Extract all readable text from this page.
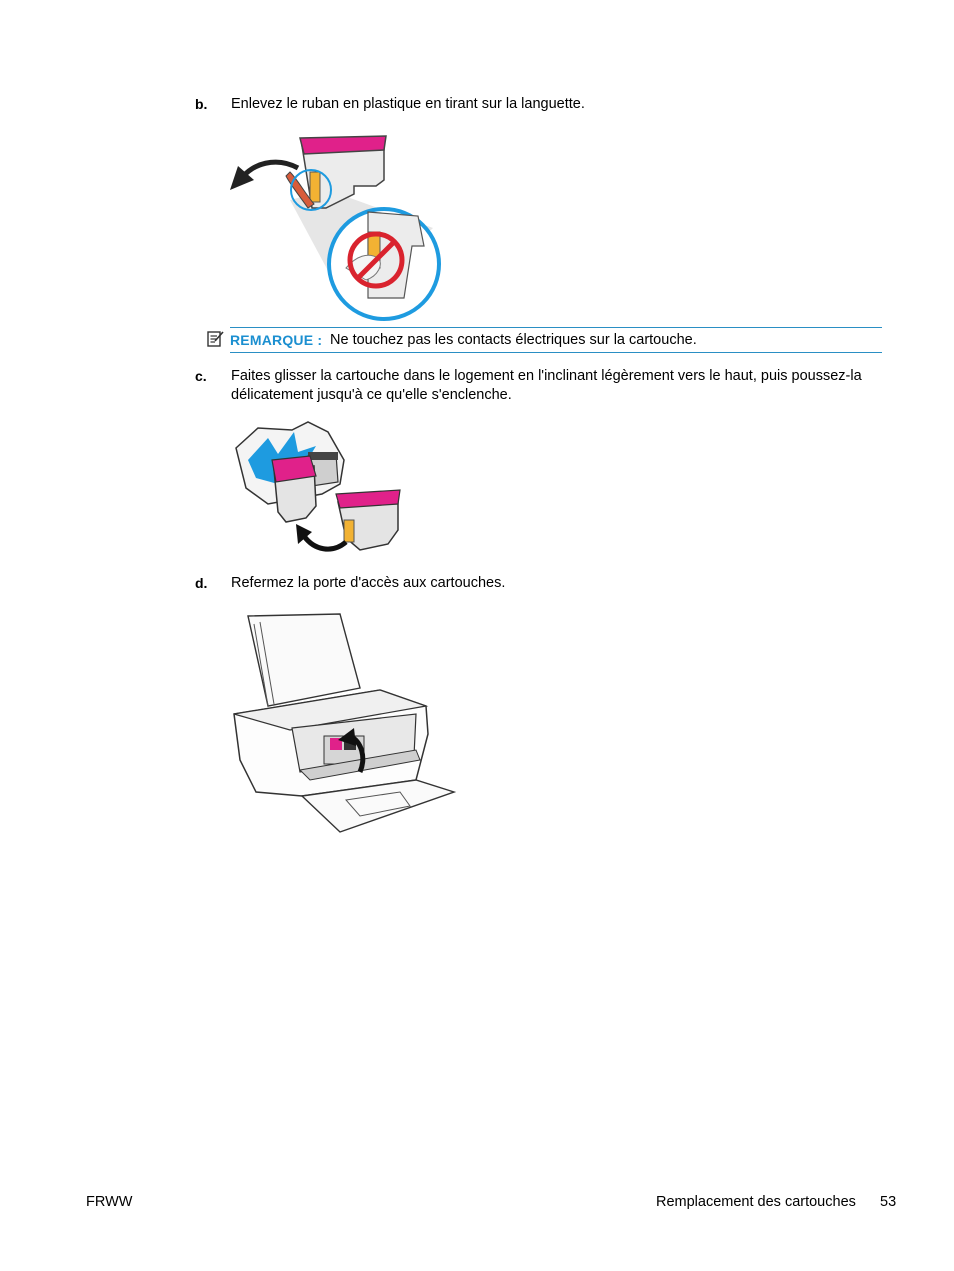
b. Enlevez le ruban en plastique en tirant sur la languette.
REMARQUE : Ne touchez pas les contacts électriques sur la cartouche.
c. Faites glisser la cartouche dans le logement en l'inclinant légèrement vers le haut, puis poussez-la
délicatement jusqu'à ce qu'elle s'enclenche.
d. Refermez la porte d'accès aux cartouches.
FRWW	Remplacement des cartouches 53
